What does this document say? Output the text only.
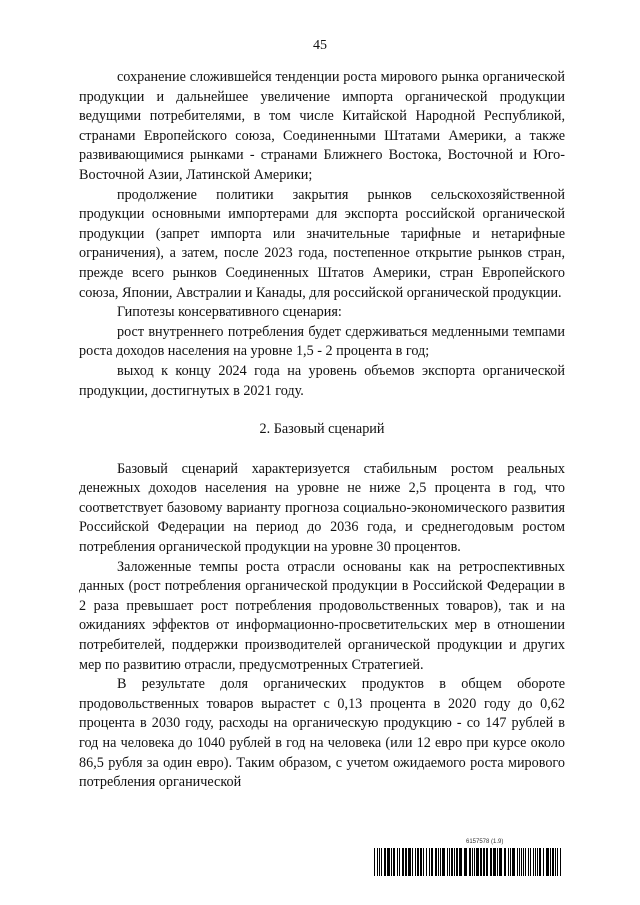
45

сохранение сложившейся тенденции роста мирового рынка органической продукции и дальнейшее увеличение импорта органической продукции ведущими потребителями, в том числе Китайской Народной Республикой, странами Европейского союза, Соединенными Штатами Америки, а также развивающимися рынками - странами Ближнего Востока, Восточной и Юго-Восточной Азии, Латинской Америки;

продолжение политики закрытия рынков сельскохозяйственной продукции основными импортерами для экспорта российской органической продукции (запрет импорта или значительные тарифные и нетарифные ограничения), а затем, после 2023 года, постепенное открытие рынков стран, прежде всего рынков Соединенных Штатов Америки, стран Европейского союза, Японии, Австралии и Канады, для российской органической продукции.

Гипотезы консервативного сценария:

рост внутреннего потребления будет сдерживаться медленными темпами роста доходов населения на уровне 1,5 - 2 процента в год;

выход к концу 2024 года на уровень объемов экспорта органической продукции, достигнутых в 2021 году.

2. Базовый сценарий

Базовый сценарий характеризуется стабильным ростом реальных денежных доходов населения на уровне не ниже 2,5 процента в год, что соответствует базовому варианту прогноза социально-экономического развития Российской Федерации на период до 2036 года, и среднегодовым ростом потребления органической продукции на уровне 30 процентов.

Заложенные темпы роста отрасли основаны как на ретроспективных данных (рост потребления органической продукции в Российской Федерации в 2 раза превышает рост потребления продовольственных товаров), так и на ожиданиях эффектов от информационно-просветительских мер в отношении потребителей, поддержки производителей органической продукции и других мер по развитию отрасли, предусмотренных Стратегией.

В результате доля органических продуктов в общем обороте продовольственных товаров вырастет с 0,13 процента в 2020 году до 0,62 процента в 2030 году, расходы на органическую продукцию - со 147 рублей в год на человека до 1040 рублей в год на человека (или 12 евро при курсе около 86,5 рубля за один евро). Таким образом, с учетом ожидаемого роста мирового потребления органической

6157578 (1.9)
